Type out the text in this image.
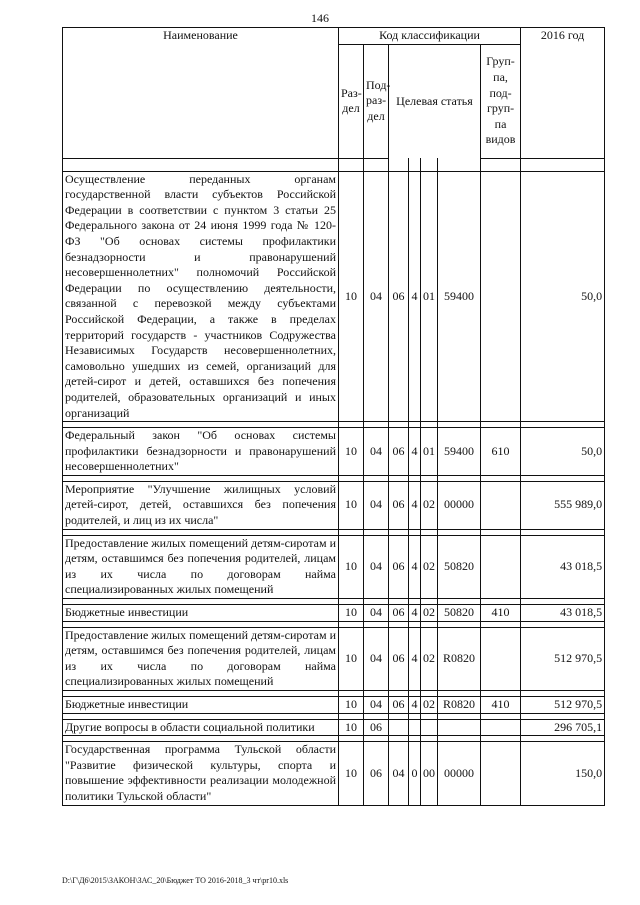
146
Наименование	Код классификации							2016 год
	Раз-дел	Под-раз-дел	Целевая статья				Груп-па, под-груп-па видов	

Осуществление переданных органам государственной власти субъектов Российской Федерации в соответствии с пунктом 3 статьи 25 Федерального закона от 24 июня 1999 года № 120-ФЗ "Об основах системы профилактики безнадзорности и правонарушений несовершеннолетних" полномочий Российской Федерации по осуществлению деятельности, связанной с перевозкой между субъектами Российской Федерации, а также в пределах территорий государств - участников Содружества Независимых Государств несовершеннолетних, самовольно ушедших из семей, организаций для детей-сирот и детей, оставшихся без попечения родителей, образовательных организаций и иных организаций	10	04	06	4	01	59400		50,0

Федеральный закон "Об основах системы профилактики безнадзорности и правонарушений несовершеннолетних"	10	04	06	4	01	59400	610	50,0

Мероприятие "Улучшение жилищных условий детей-сирот, детей, оставшихся без попечения родителей, и лиц из их числа"	10	04	06	4	02	00000		555 989,0

Предоставление жилых помещений детям-сиротам и детям, оставшимся без попечения родителей, лицам из их числа по договорам найма специализированных жилых помещений	10	04	06	4	02	50820		43 018,5

Бюджетные инвестиции	10	04	06	4	02	50820	410	43 018,5

Предоставление жилых помещений детям-сиротам и детям, оставшимся без попечения родителей, лицам из их числа по договорам найма специализированных жилых помещений	10	04	06	4	02	R0820		512 970,5

Бюджетные инвестиции	10	04	06	4	02	R0820	410	512 970,5

Другие вопросы в области социальной политики	10	06						296 705,1

Государственная программа Тульской области "Развитие физической культуры, спорта и повышение эффективности реализации молодежной политики Тульской области"	10	06	04	0	00	00000		150,0
D:\Г\Д6\2015\ЗАКОН\ЗАС_20\Бюджет ТО 2016-2018_3 чт\pr10.xls
